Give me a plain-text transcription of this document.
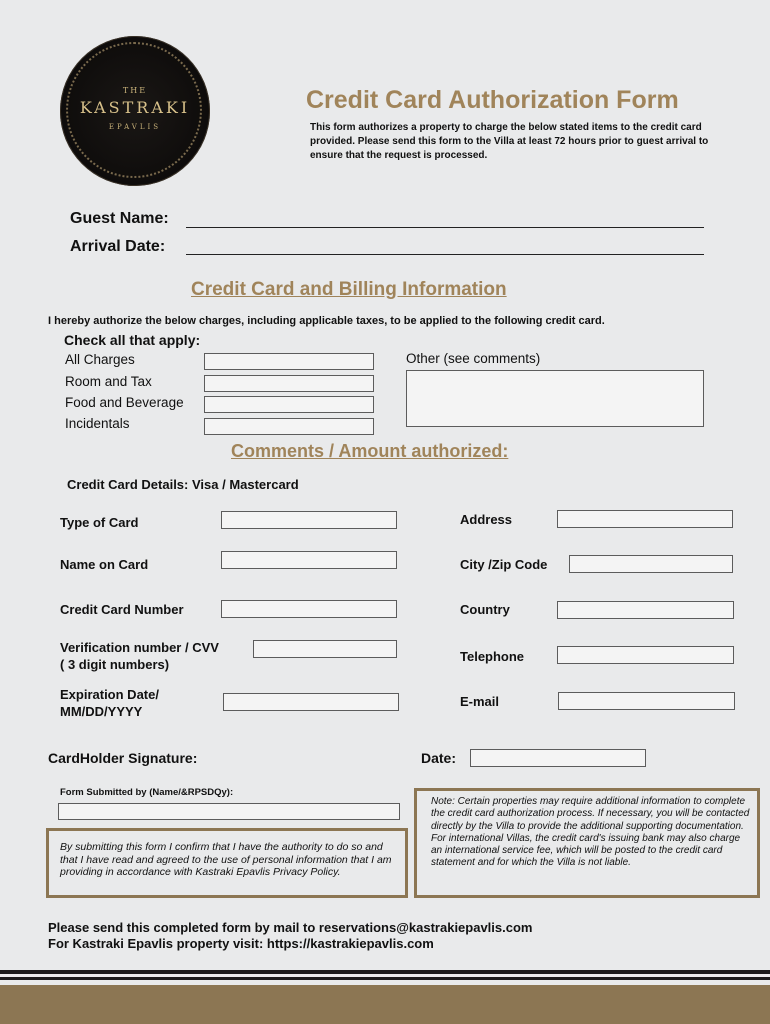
THE
KASTRAKI
EPAVLIS
Credit Card Authorization Form
This form authorizes a property to charge the below stated items to the credit card provided. Please send this form to the Villa at least 72 hours prior to guest arrival to ensure that the request is processed.
Guest Name:
Arrival Date:
Credit Card and Billing Information
I hereby authorize the below charges, including applicable taxes, to be applied to the following credit card.
Check all that apply:
All Charges
Room and Tax
Food and Beverage
Incidentals
Other (see comments)
Comments / Amount authorized:
Credit Card Details: Visa / Mastercard
Type of Card
Name on Card
Credit Card Number
Verification number / CVV
( 3 digit numbers)
Expiration Date/
MM/DD/YYYY
Address
City /Zip Code
Country
Telephone
E-mail
CardHolder Signature:	Date:
Form Submitted by (Name/&RPSDQy):
By submitting this form I confirm that I have the authority to do so and that I have read and agreed to the use of personal information that I am providing in accordance with Kastraki Epavlis Privacy Policy.
Note: Certain properties may require additional information to complete the credit card authorization process. If necessary, you will be contacted directly by the Villa to provide the additional supporting documentation. For international Villas, the credit card's issuing bank may also charge an international service fee, which will be posted to the credit card statement and for which the Villa is not liable.
Please send this completed form by mail to reservations@kastrakiepavlis.com
For Kastraki Epavlis property visit: https://kastrakiepavlis.com
